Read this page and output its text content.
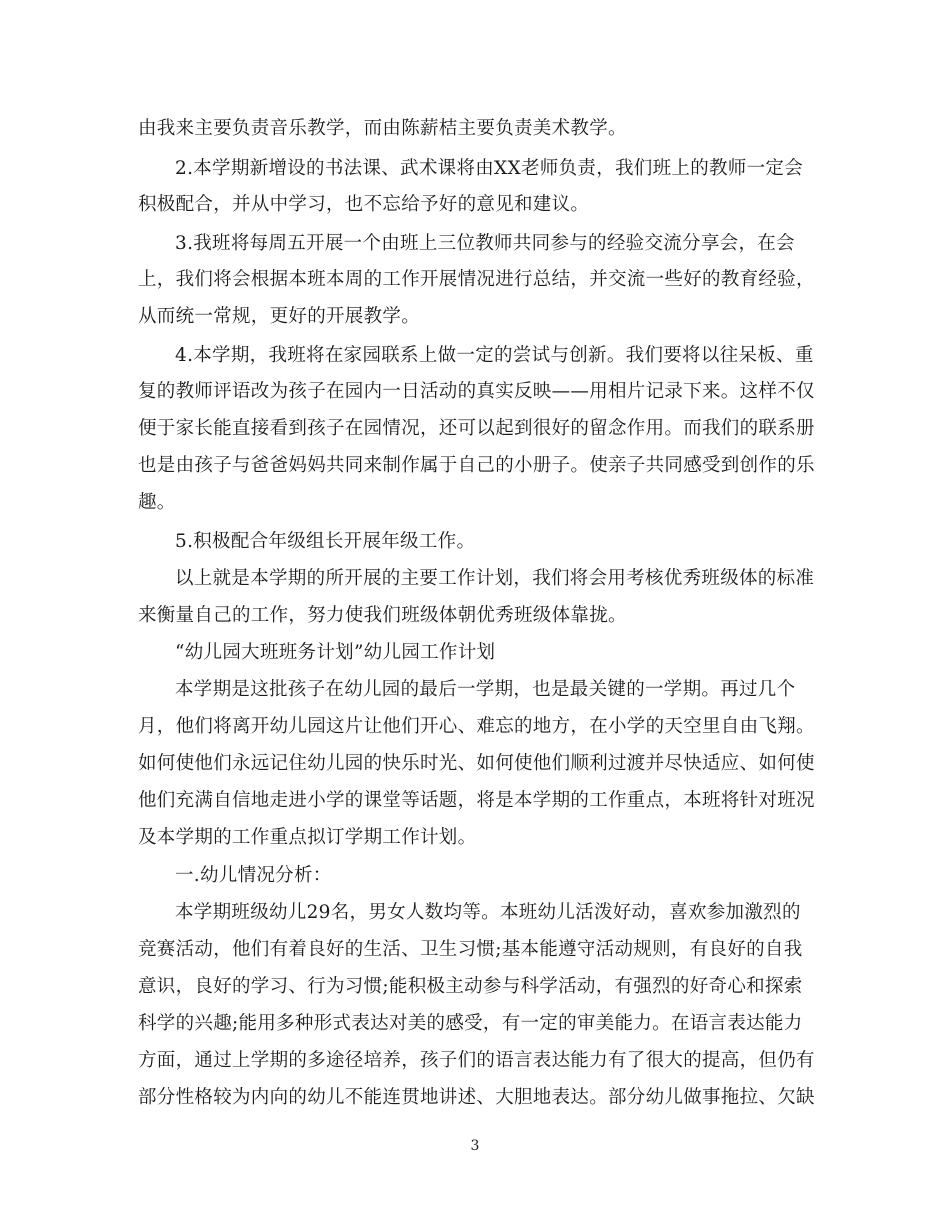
由我来主要负责音乐教学，而由陈薪桔主要负责美术教学。
2.本学期新增设的书法课、武术课将由XX老师负责，我们班上的教师一定会
积极配合，并从中学习，也不忘给予好的意见和建议。
3.我班将每周五开展一个由班上三位教师共同参与的经验交流分享会，在会
上，我们将会根据本班本周的工作开展情况进行总结，并交流一些好的教育经验，
从而统一常规，更好的开展教学。
4.本学期，我班将在家园联系上做一定的尝试与创新。我们要将以往呆板、重
复的教师评语改为孩子在园内一日活动的真实反映——用相片记录下来。这样不仅
便于家长能直接看到孩子在园情况，还可以起到很好的留念作用。而我们的联系册
也是由孩子与爸爸妈妈共同来制作属于自己的小册子。使亲子共同感受到创作的乐
趣。
5.积极配合年级组长开展年级工作。
以上就是本学期的所开展的主要工作计划，我们将会用考核优秀班级体的标准
来衡量自己的工作，努力使我们班级体朝优秀班级体靠拢。
“幼儿园大班班务计划”幼儿园工作计划
本学期是这批孩子在幼儿园的最后一学期，也是最关键的一学期。再过几个
月，他们将离开幼儿园这片让他们开心、难忘的地方，在小学的天空里自由飞翔。
如何使他们永远记住幼儿园的快乐时光、如何使他们顺利过渡并尽快适应、如何使
他们充满自信地走进小学的课堂等话题，将是本学期的工作重点，本班将针对班况
及本学期的工作重点拟订学期工作计划。
一.幼儿情况分析：
本学期班级幼儿29名，男女人数均等。本班幼儿活泼好动，喜欢参加激烈的
竞赛活动，他们有着良好的生活、卫生习惯;基本能遵守活动规则，有良好的自我
意识，良好的学习、行为习惯;能积极主动参与科学活动，有强烈的好奇心和探索
科学的兴趣;能用多种形式表达对美的感受，有一定的审美能力。在语言表达能力
方面，通过上学期的多途径培养，孩子们的语言表达能力有了很大的提高，但仍有
部分性格较为内向的幼儿不能连贯地讲述、大胆地表达。部分幼儿做事拖拉、欠缺
3
